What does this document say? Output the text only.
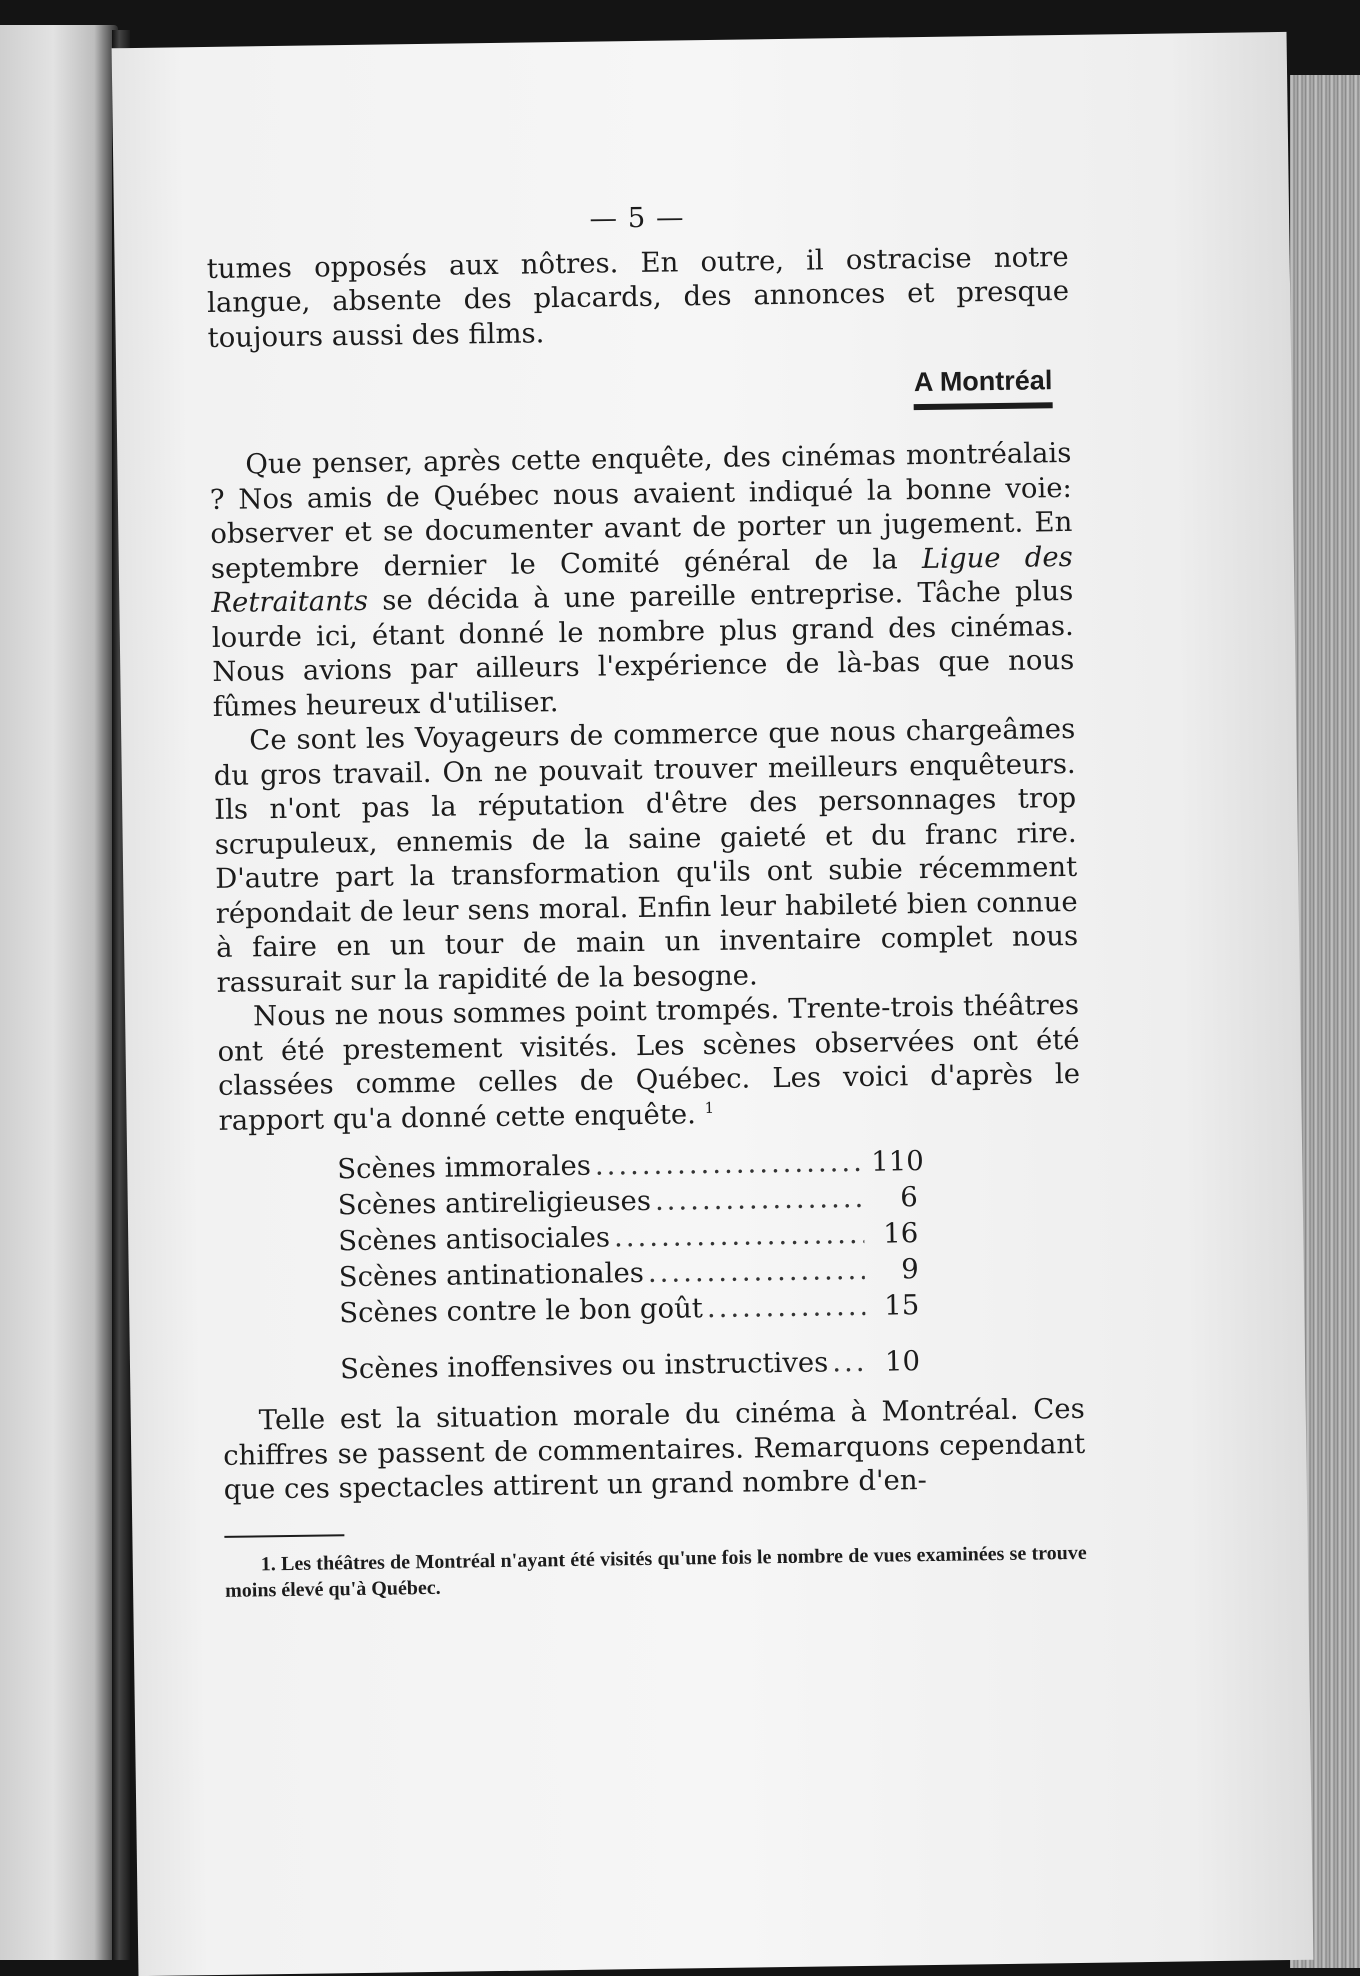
— 5 —

tumes opposés aux nôtres. En outre, il ostracise notre langue, absente des placards, des annonces et presque toujours aussi des films.

A Montréal

Que penser, après cette enquête, des cinémas montréalais ? Nos amis de Québec nous avaient indiqué la bonne voie: observer et se documenter avant de porter un jugement. En septembre dernier le Comité général de la Ligue des Retraitants se décida à une pareille entreprise. Tâche plus lourde ici, étant donné le nombre plus grand des cinémas. Nous avions par ailleurs l'expérience de là-bas que nous fûmes heureux d'utiliser.

Ce sont les Voyageurs de commerce que nous chargeâmes du gros travail. On ne pouvait trouver meilleurs enquêteurs. Ils n'ont pas la réputation d'être des personnages trop scrupuleux, ennemis de la saine gaieté et du franc rire. D'autre part la transformation qu'ils ont subie récemment répondait de leur sens moral. Enfin leur habileté bien connue à faire en un tour de main un inventaire complet nous rassurait sur la rapidité de la besogne.

Nous ne nous sommes point trompés. Trente-trois théâtres ont été prestement visités. Les scènes observées ont été classées comme celles de Québec. Les voici d'après le rapport qu'a donné cette enquête. $^1$

Scènes immorales .....	110
Scènes antireligieuses .....	6
Scènes antisociales .....	16
Scènes antinationales .....	9
Scènes contre le bon goût .....	15
Scènes inoffensives ou instructives .....	10

Telle est la situation morale du cinéma à Montréal. Ces chiffres se passent de commentaires. Remarquons cependant que ces spectacles attirent un grand nombre d'en-

1. Les théâtres de Montréal n'ayant été visités qu'une fois le nombre de vues examinées se trouve moins élevé qu'à Québec.
